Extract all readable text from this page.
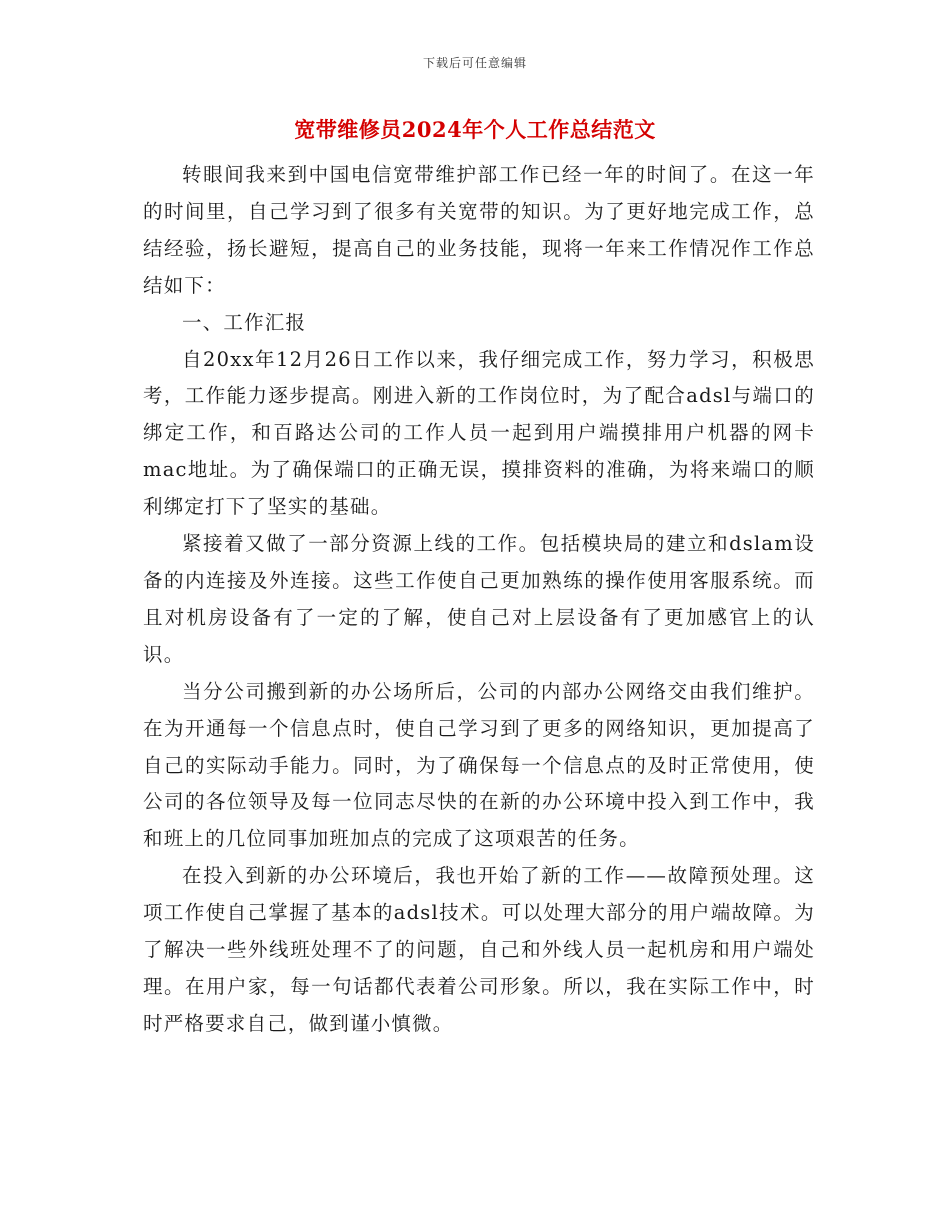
下载后可任意编辑
宽带维修员2024年个人工作总结范文

转眼间我来到中国电信宽带维护部工作已经一年的时间了。在这一年的时间里，自己学习到了很多有关宽带的知识。为了更好地完成工作，总结经验，扬长避短，提高自己的业务技能，现将一年来工作情况作工作总结如下：

一、工作汇报

自20xx年12月26日工作以来，我仔细完成工作，努力学习，积极思考，工作能力逐步提高。刚进入新的工作岗位时，为了配合adsl与端口的绑定工作，和百路达公司的工作人员一起到用户端摸排用户机器的网卡mac地址。为了确保端口的正确无误，摸排资料的准确，为将来端口的顺利绑定打下了坚实的基础。

紧接着又做了一部分资源上线的工作。包括模块局的建立和dslam设备的内连接及外连接。这些工作使自己更加熟练的操作使用客服系统。而且对机房设备有了一定的了解，使自己对上层设备有了更加感官上的认识。

当分公司搬到新的办公场所后，公司的内部办公网络交由我们维护。在为开通每一个信息点时，使自己学习到了更多的网络知识，更加提高了自己的实际动手能力。同时，为了确保每一个信息点的及时正常使用，使公司的各位领导及每一位同志尽快的在新的办公环境中投入到工作中，我和班上的几位同事加班加点的完成了这项艰苦的任务。

在投入到新的办公环境后，我也开始了新的工作——故障预处理。这项工作使自己掌握了基本的adsl技术。可以处理大部分的用户端故障。为了解决一些外线班处理不了的问题，自己和外线人员一起机房和用户端处理。在用户家，每一句话都代表着公司形象。所以，我在实际工作中，时时严格要求自己，做到谨小慎微。
